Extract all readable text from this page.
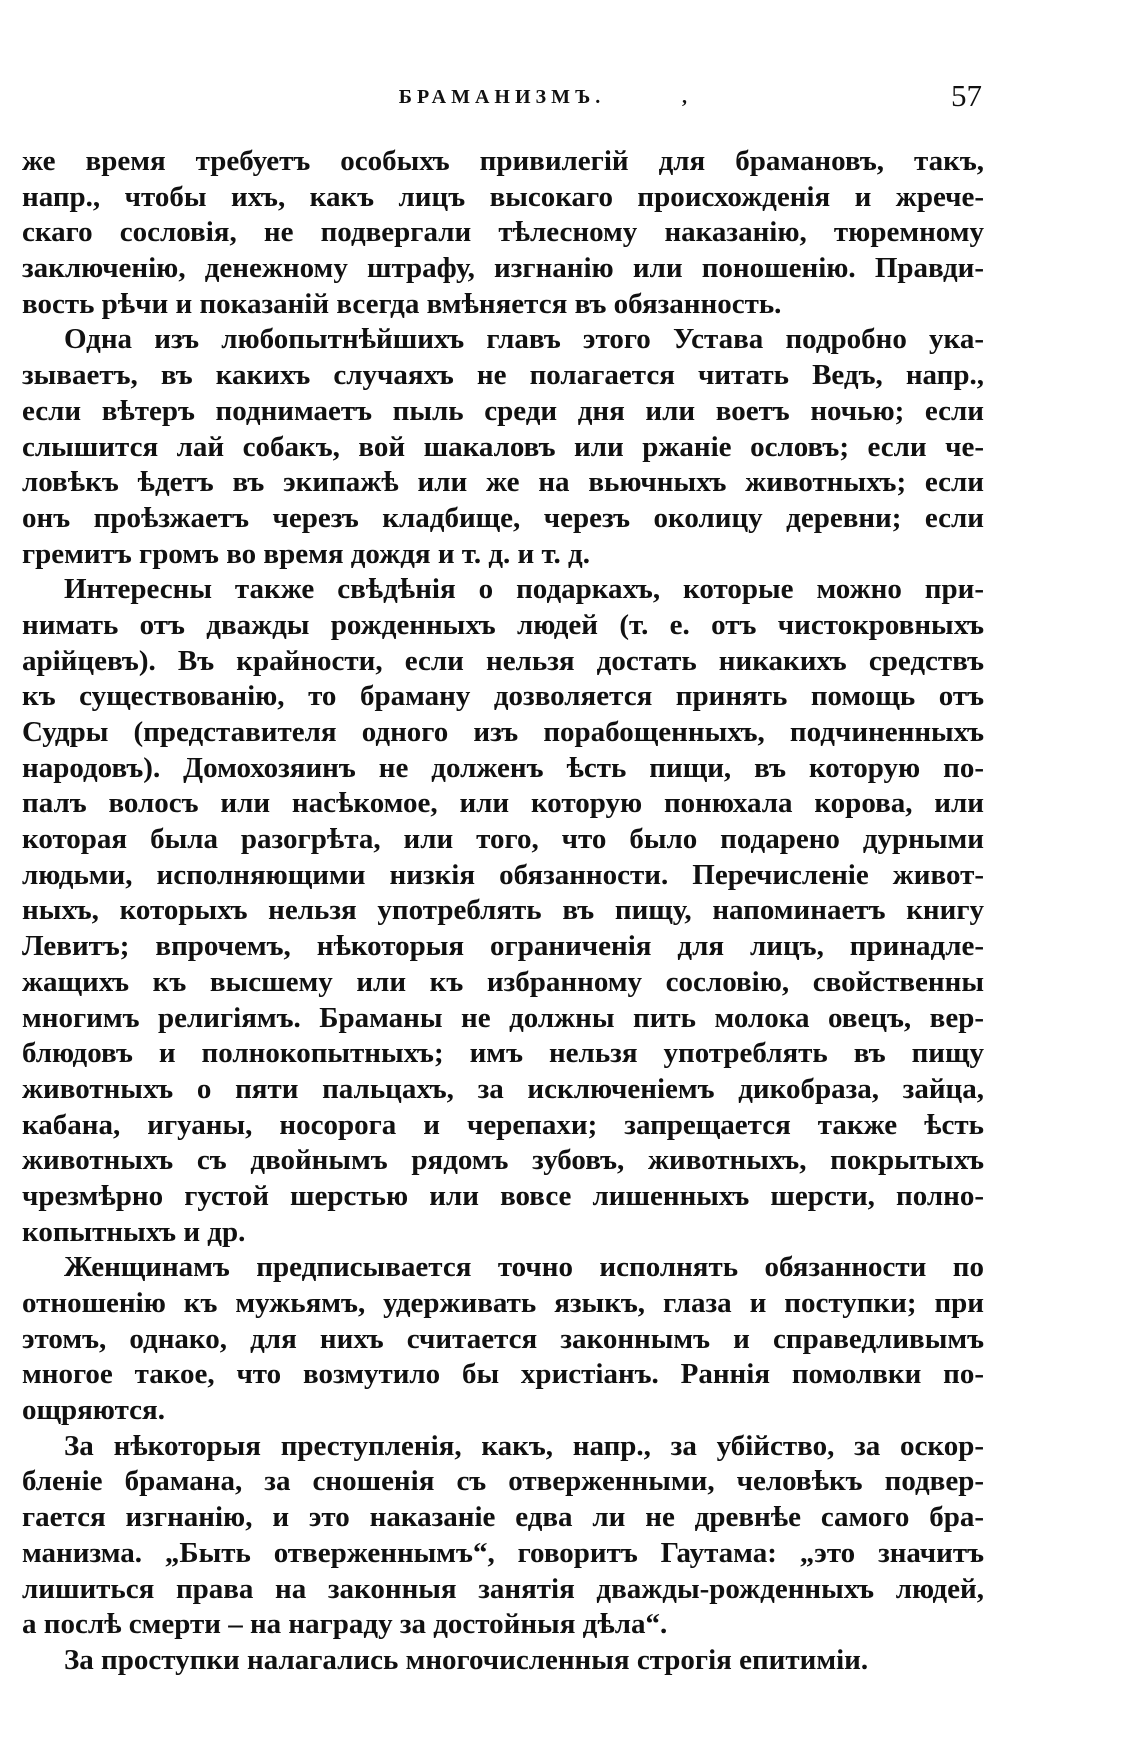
БРАМАНИЗМЪ.	,	57
же время требуетъ особыхъ привилегій для брамановъ, такъ,
напр., чтобы ихъ, какъ лицъ высокаго происхожденія и жрече-
скаго сословія, не подвергали тѣлесному наказанію, тюремному
заключенію, денежному штрафу, изгнанію или поношенію. Правди-
вость рѣчи и показаній всегда вмѣняется въ обязанность.
Одна изъ любопытнѣйшихъ главъ этого Устава подробно ука-
зываетъ, въ какихъ случаяхъ не полагается читать Ведъ, напр.,
если вѣтеръ поднимаетъ пыль среди дня или воетъ ночью; если
слышится лай собакъ, вой шакаловъ или ржаніе ословъ; если че-
ловѣкъ ѣдетъ въ экипажѣ или же на вьючныхъ животныхъ; если
онъ проѣзжаетъ черезъ кладбище, черезъ околицу деревни; если
гремитъ громъ во время дождя и т. д. и т. д.
Интересны также свѣдѣнія о подаркахъ, которые можно при-
нимать отъ дважды рожденныхъ людей (т. е. отъ чистокровныхъ
арійцевъ). Въ крайности, если нельзя достать никакихъ средствъ
къ существованію, то браману дозволяется принять помощь отъ
Судры (представителя одного изъ порабощенныхъ, подчиненныхъ
народовъ). Домохозяинъ не долженъ ѣсть пищи, въ которую по-
палъ волосъ или насѣкомое, или которую понюхала корова, или
которая была разогрѣта, или того, что было подарено дурными
людьми, исполняющими низкія обязанности. Перечисленіе живот-
ныхъ, которыхъ нельзя употреблять въ пищу, напоминаетъ книгу
Левитъ; впрочемъ, нѣкоторыя ограниченія для лицъ, принадле-
жащихъ къ высшему или къ избранному сословію, свойственны
многимъ религіямъ. Браманы не должны пить молока овецъ, вер-
блюдовъ и полнокопытныхъ; имъ нельзя употреблять въ пищу
животныхъ о пяти пальцахъ, за исключеніемъ дикобраза, зайца,
кабана, игуаны, носорога и черепахи; запрещается также ѣсть
животныхъ съ двойнымъ рядомъ зубовъ, животныхъ, покрытыхъ
чрезмѣрно густой шерстью или вовсе лишенныхъ шерсти, полно-
копытныхъ и др.
Женщинамъ предписывается точно исполнять обязанности по
отношенію къ мужьямъ, удерживать языкъ, глаза и поступки; при
этомъ, однако, для нихъ считается законнымъ и справедливымъ
многое такое, что возмутило бы христіанъ. Раннія помолвки по-
ощряются.
За нѣкоторыя преступленія, какъ, напр., за убійство, за оскор-
бленіе брамана, за сношенія съ отверженными, человѣкъ подвер-
гается изгнанію, и это наказаніе едва ли не древнѣе самого бра-
манизма. „Быть отверженнымъ“, говоритъ Гаутама: „это значитъ
лишиться права на законныя занятія дважды-рожденныхъ людей,
а послѣ смерти – на награду за достойныя дѣла“.
За проступки налагались многочисленныя строгія епитиміи.
